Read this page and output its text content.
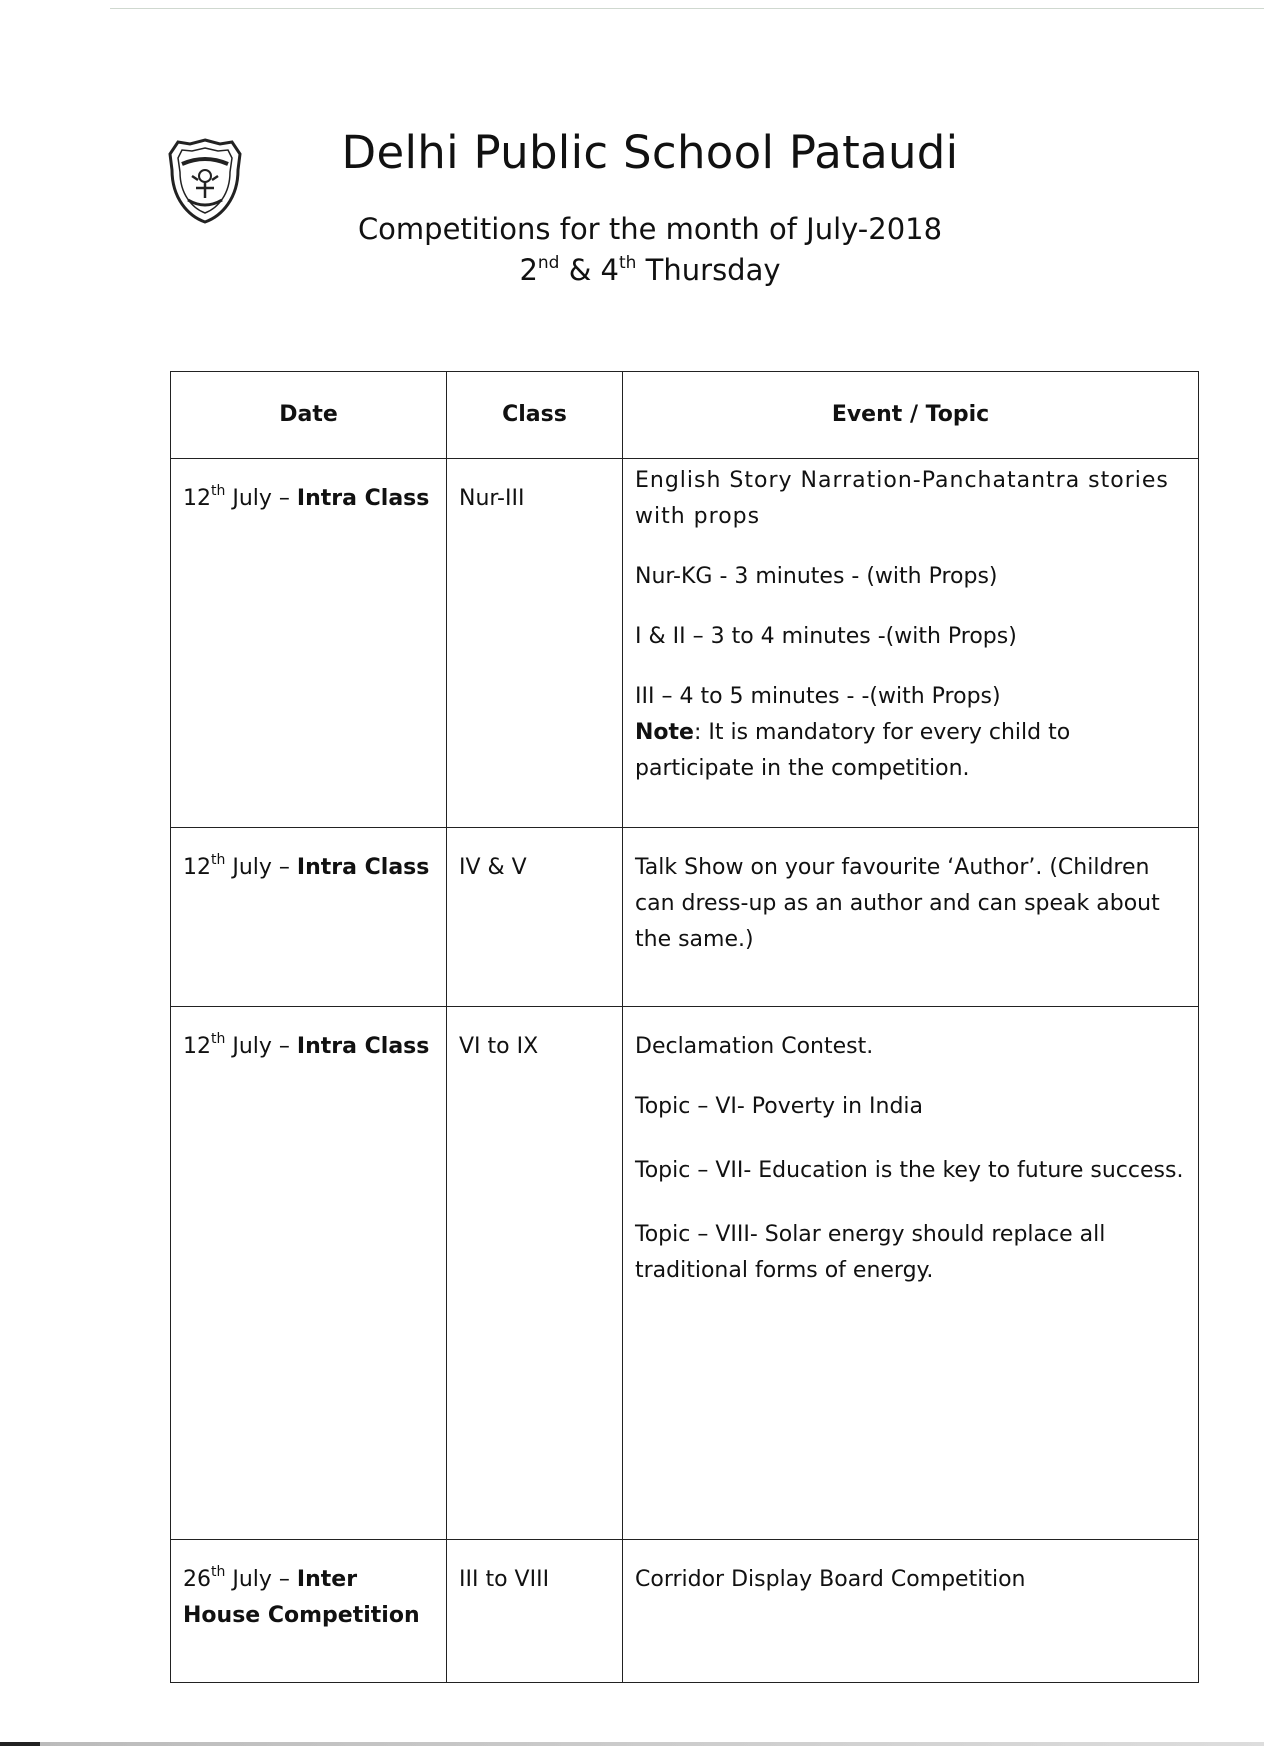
Delhi Public School Pataudi
Competitions for the month of July-2018
2nd & 4th Thursday
Date	Class	Event / Topic
12th July – Intra Class	Nur-III	English Story Narration-Panchatantra stories with props

Nur-KG - 3 minutes - (with Props)

I & II – 3 to 4 minutes -(with Props)

III – 4 to 5 minutes - -(with Props)

Note: It is mandatory for every child to participate in the competition.

12th July – Intra Class	IV & V	Talk Show on your favourite ‘Author’. (Children can dress-up as an author and can speak about the same.)

12th July – Intra Class	VI to IX	Declamation Contest.

Topic – VI- Poverty in India

Topic – VII- Education is the key to future success.

Topic – VIII- Solar energy should replace all traditional forms of energy.

26th July – Inter House Competition	III to VIII	Corridor Display Board Competition
